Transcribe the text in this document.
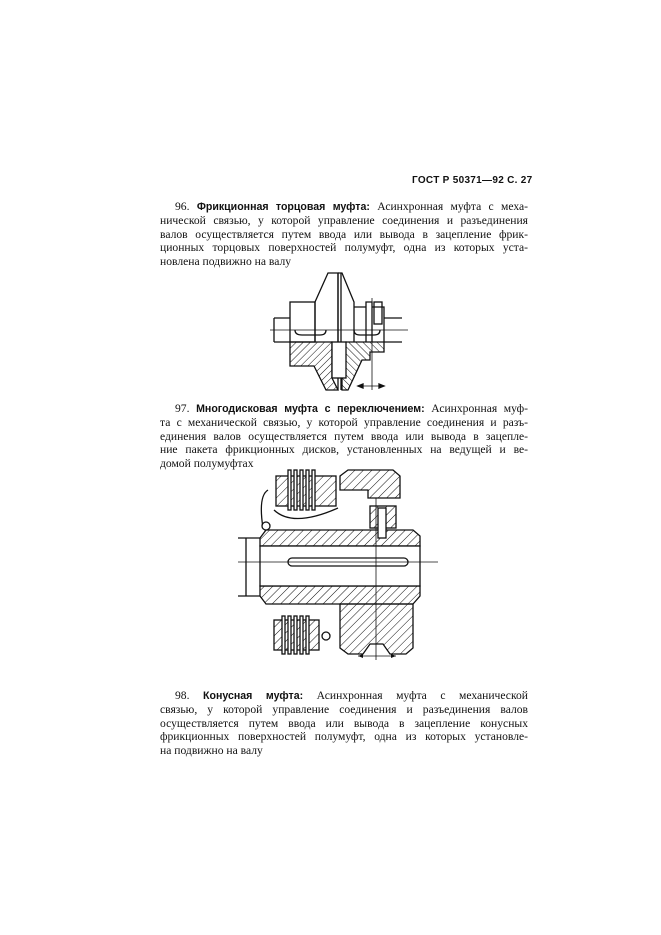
ГОСТ Р 50371—92 С. 27
96. Фрикционная торцовая муфта: Асинхронная муфта с меха-
нической связью, у которой управление соединения и разъединения
валов осуществляется путем ввода или вывода в зацепление фрик-
ционных торцовых поверхностей полумуфт, одна из которых уста-
новлена подвижно на валу
97. Многодисковая муфта с переключением: Асинхронная муф-
та с механической связью, у которой управление соединения и разъ-
единения валов осуществляется путем ввода или вывода в зацепле-
ние пакета фрикционных дисков, установленных на ведущей и ве-
домой полумуфтах
98. Конусная муфта: Асинхронная муфта с механической
связью, у которой управление соединения и разъединения валов
осуществляется путем ввода или вывода в зацепление конусных
фрикционных поверхностей полумуфт, одна из которых установле-
на подвижно на валу
